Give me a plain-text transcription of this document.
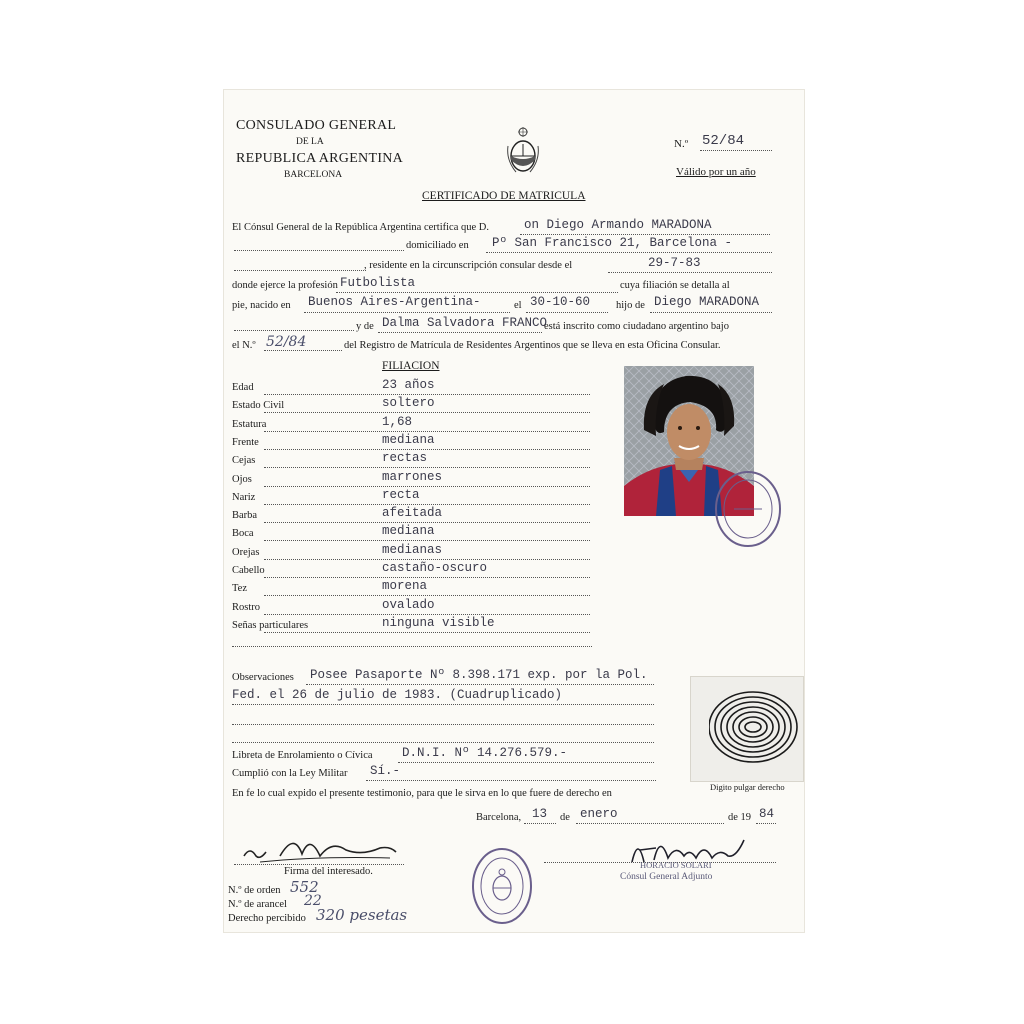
CONSULADO GENERAL
DE LA
REPUBLICA ARGENTINA
BARCELONA
N.º 52/84
Válido por un año
CERTIFICADO DE MATRICULA
El Cónsul General de la República Argentina certifica que D.	on Diego Armando MARADONA
domiciliado en Pº San Francisco 21, Barcelona -
, residente en la circunscripción consular desde el	29-7-83
donde ejerce la profesión Futbolista	cuya filiación se detalla al
pie, nacido en Buenos Aires-Argentina-	el 30-10-60 hijo de Diego MARADONA
y de Dalma Salvadora FRANCO
está inscrito como ciudadano argentino bajo
el N.º 52/84	del Registro de Matrícula de Residentes Argentinos que se lleva en esta Oficina Consular.
FILIACION
Edad	23 años
Estado Civil	soltero
Estatura	1,68
Frente	mediana
Cejas	rectas
Ojos	marrones
Nariz	recta
Barba	afeitada
Boca	mediana
Orejas	medianas
Cabello	castaño-oscuro
Tez	morena
Rostro	ovalado
Señas particulares	ninguna visible
Observaciones Posee Pasaporte Nº 8.398.171 exp. por la Pol.
Fed. el 26 de julio de 1983. (Cuadruplicado)
Digito pulgar derecho
Libreta de Enrolamiento o Cívica D.N.I. Nº 14.276.579.-
Cumplió con la Ley Militar Sí.-
En fe lo cual expido el presente testimonio, para que le sirva en lo que fuere de derecho en
Barcelona, 13 de enero	de 19 84
Firma del interesado.
HORACIO SOLARI
Cónsul General Adjunto
N.º de orden 552
N.º de arancel 22
Derecho percibido 320 pesetas
